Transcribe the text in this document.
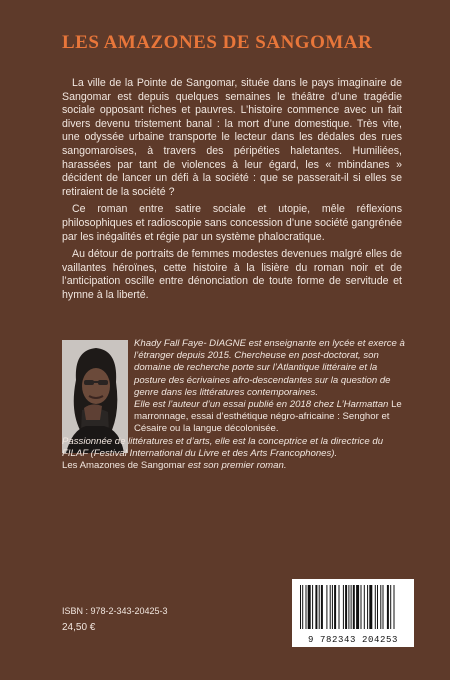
LES AMAZONES DE SANGOMAR

La ville de la Pointe de Sangomar, située dans le pays imaginaire de Sangomar est depuis quelques semaines le théâtre d’une tragédie sociale opposant riches et pauvres. L’histoire commence avec un fait divers devenu tristement banal : la mort d’une domestique. Très vite, une odyssée urbaine transporte le lecteur dans les dédales des rues sangomaroises, à travers des péripéties haletantes. Humiliées, harassées par tant de violences à leur égard, les « mbindanes » décident de lancer un défi à la société : que se passerait-il si elles se retiraient de la société ?

Ce roman entre satire sociale et utopie, mêle réflexions philosophiques et radioscopie sans concession d’une société gangrénée par les inégalités et régie par un système phalocratique.

Au détour de portraits de femmes modestes devenues malgré elles de vaillantes héroïnes, cette histoire à la lisière du roman noir et de l’anticipation oscille entre dénonciation de toute forme de servitude et hymne à la liberté.

Khady Fall Faye- DIAGNE est enseignante en lycée et exerce à l’étranger depuis 2015. Chercheuse en post-doctorat, son domaine de recherche porte sur l’Atlantique littéraire et la posture des écrivaines afro-descendantes sur la question de genre dans les littératures contemporaines.

Elle est l’auteur d’un essai publié en 2018 chez L’Harmattan Le marronnage, essai d’esthétique négro-africaine : Senghor et Césaire ou la langue décolonisée.

Passionnée de littératures et d’arts, elle est la conceptrice et la directrice du FILAF (Festival International du Livre et des Arts Francophones).

Les Amazones de Sangomar est son premier roman.

ISBN : 978-2-343-20425-3
24,50 €
9 782343 204253
